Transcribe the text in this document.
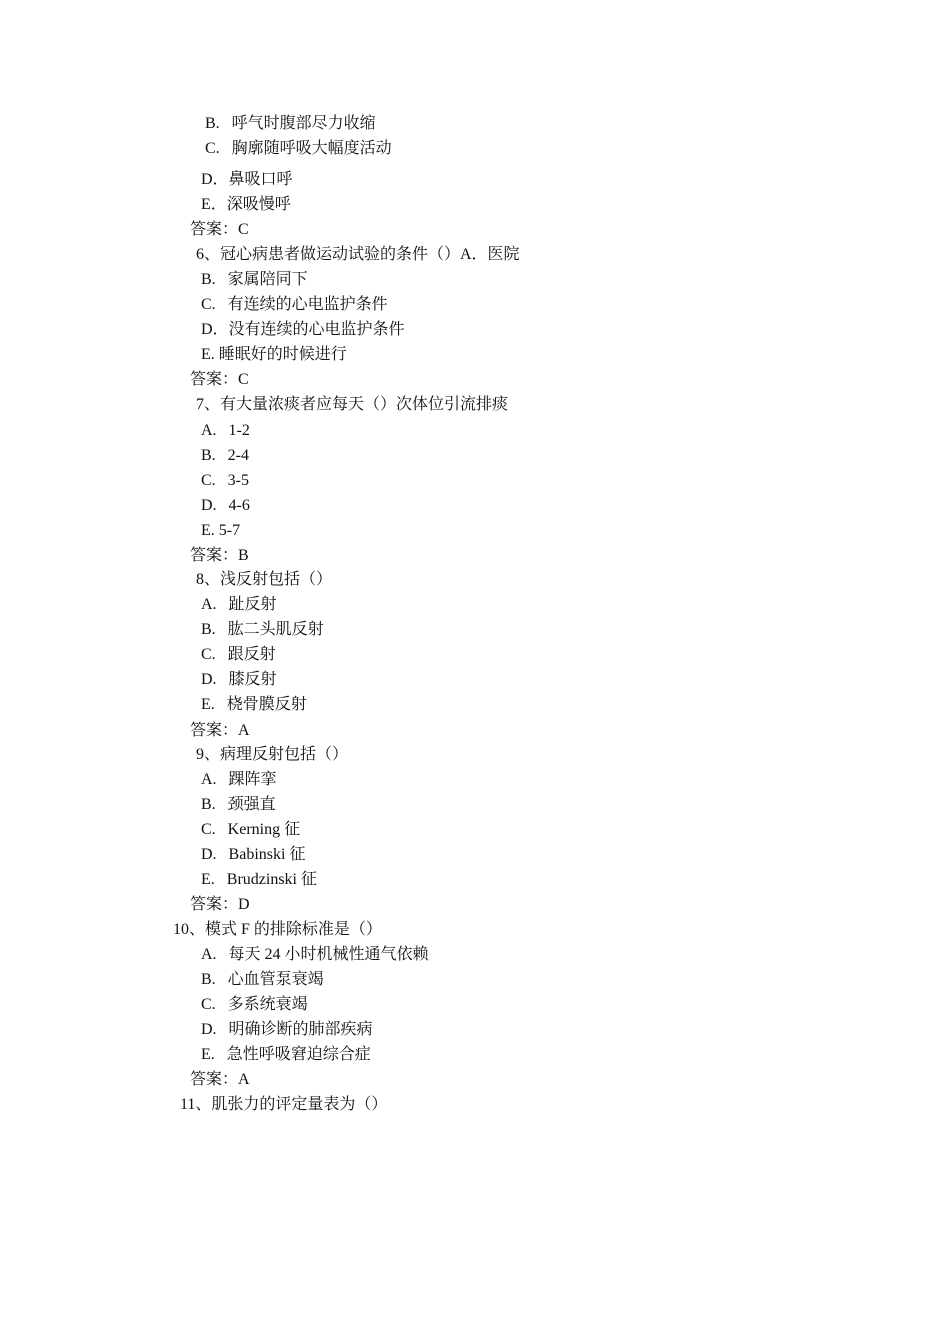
B.   呼气时腹部尽力收缩
C.   胸廓随呼吸大幅度活动
D．鼻吸口呼
E．深吸慢呼
答案：C
6、冠心病患者做运动试验的条件（）A．医院
B.   家属陪同下
C.   有连续的心电监护条件
D．没有连续的心电监护条件
E. 睡眠好的时候进行
答案：C
7、有大量浓痰者应每天（）次体位引流排痰
A.   1-2
B.   2-4
C.   3-5
D.   4-6
E. 5-7
答案：B
8、浅反射包括（）
A.   趾反射
B.   肱二头肌反射
C.   跟反射
D.   膝反射
E.   桡骨膜反射
答案：A
9、病理反射包括（）
A.   踝阵挛
B.   颈强直
C.   Kerning 征
D.   Babinski 征
E.   Brudzinski 征
答案：D
10、模式 F 的排除标准是（）
A.   每天 24 小时机械性通气依赖
B.   心血管泵衰竭
C.   多系统衰竭
D.   明确诊断的肺部疾病
E.   急性呼吸窘迫综合症
答案：A
11、肌张力的评定量表为（）
